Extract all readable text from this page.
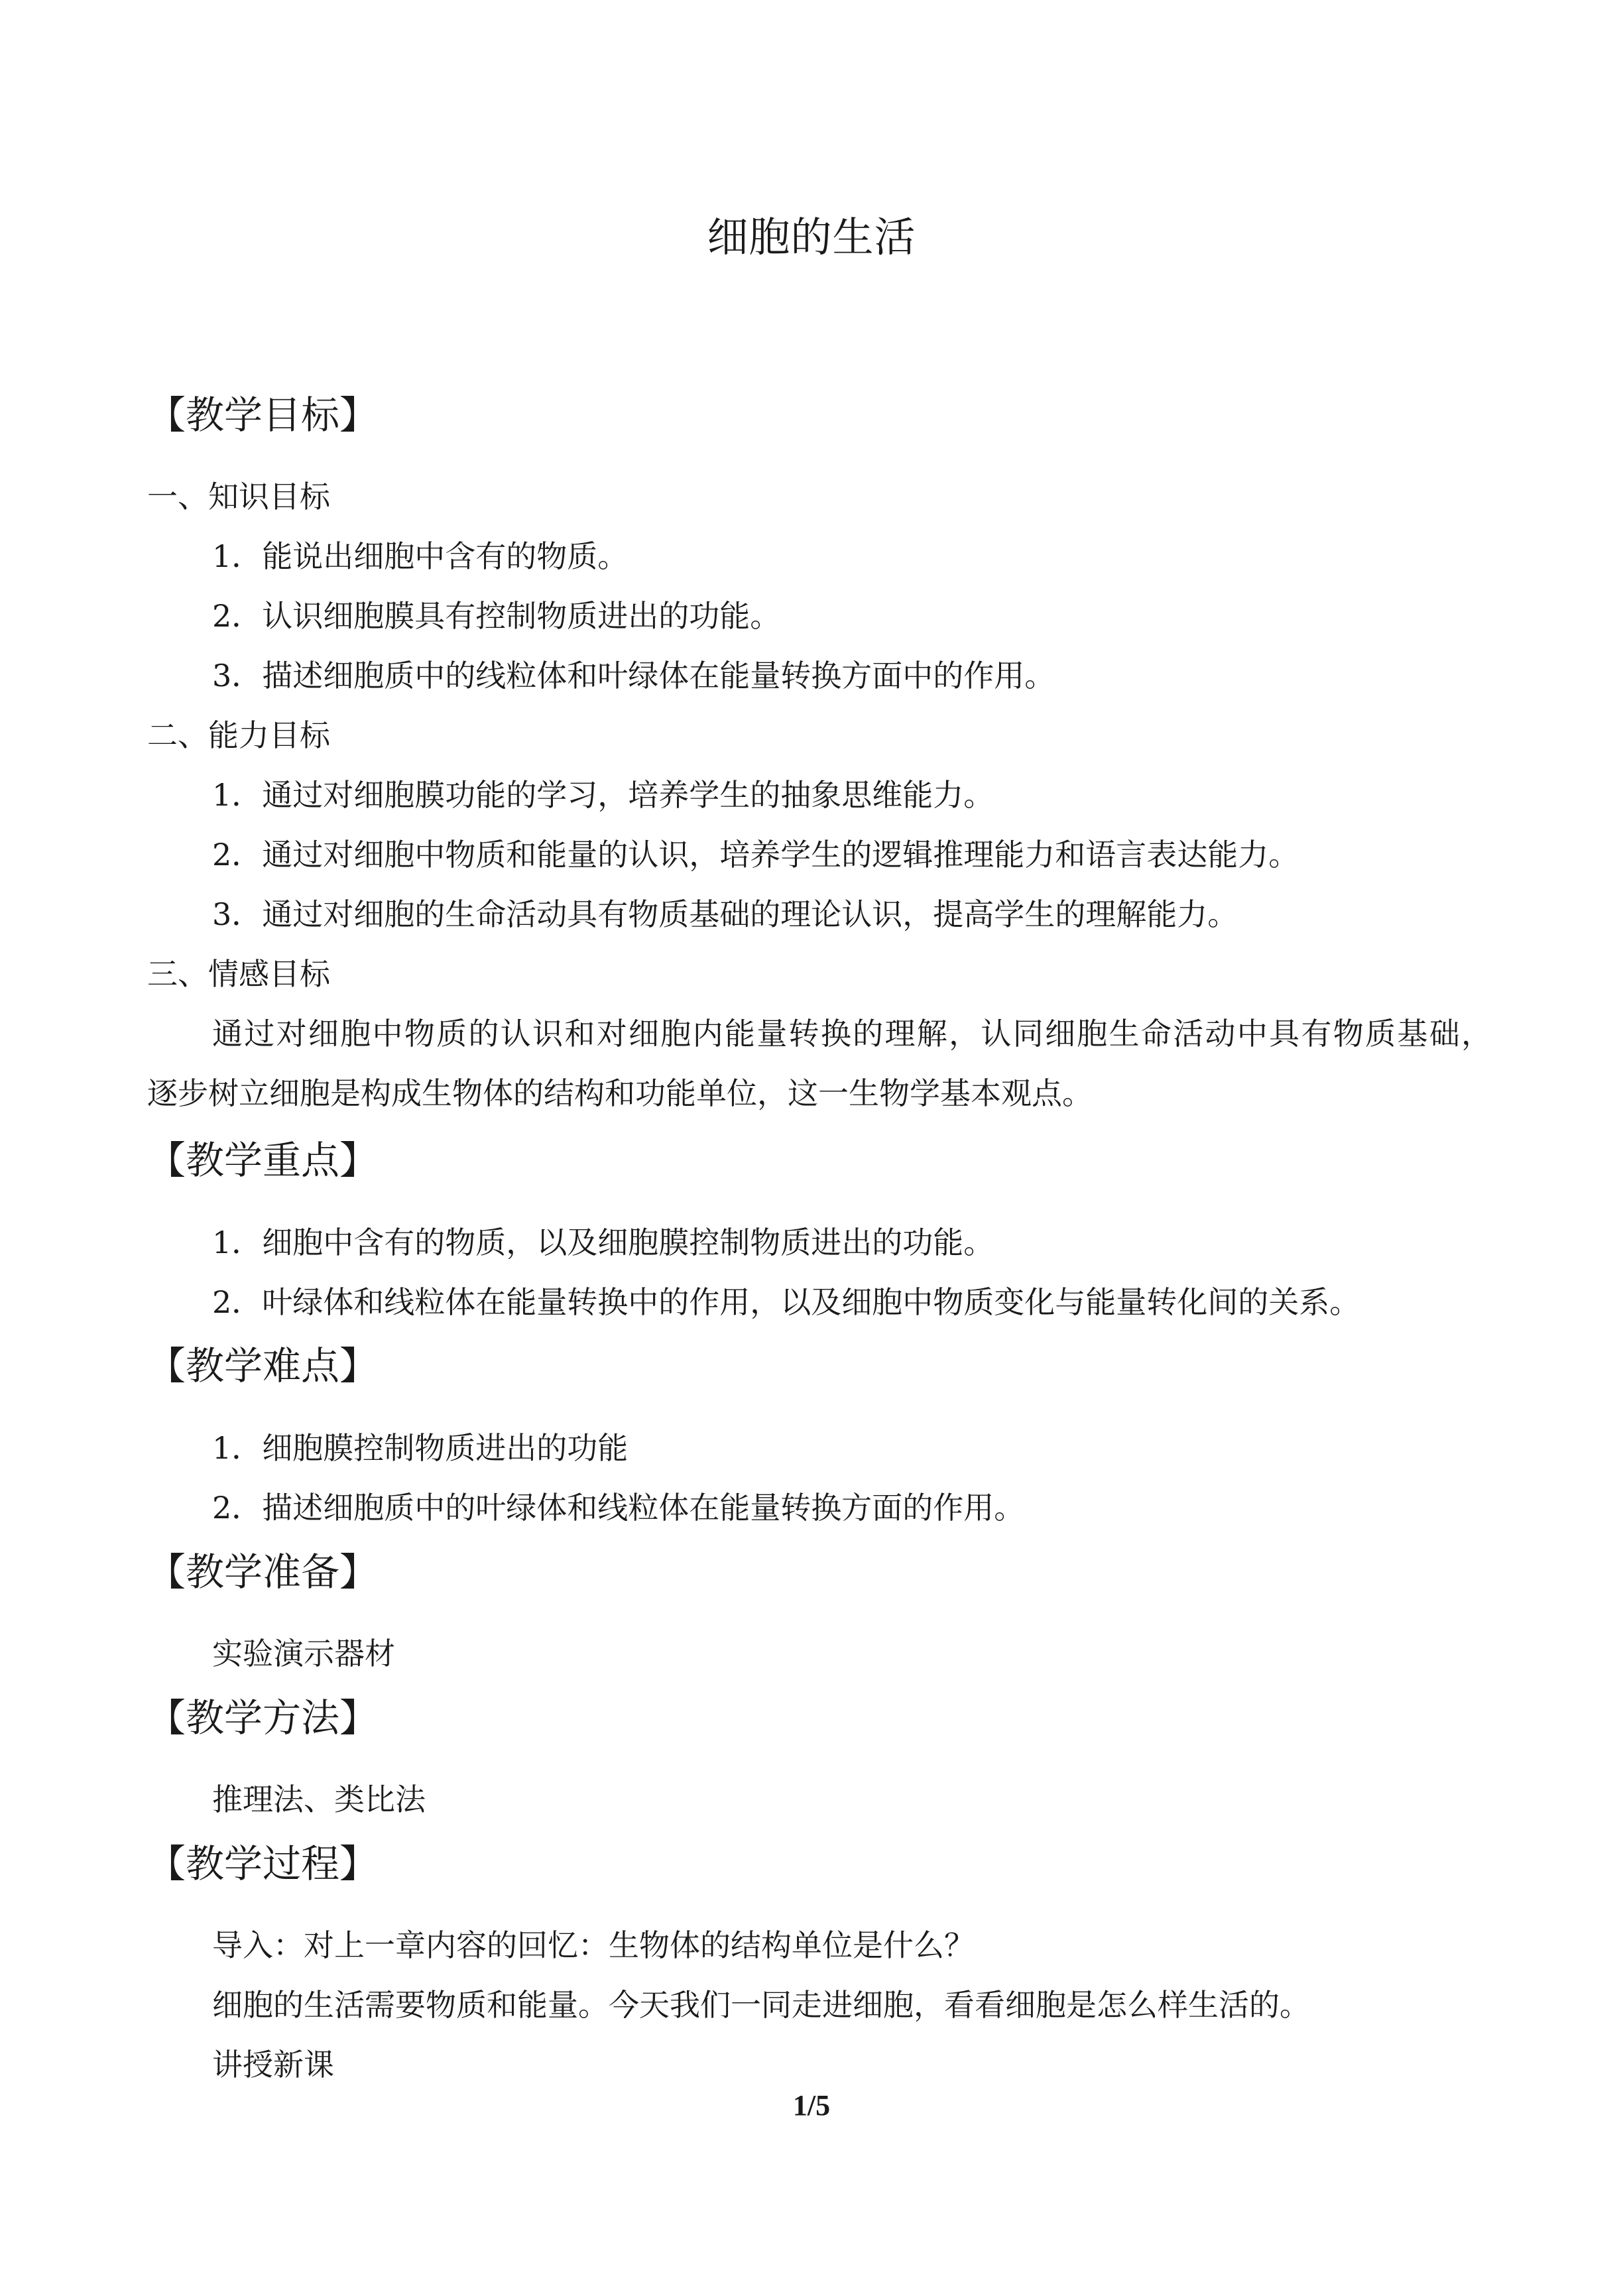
细胞的生活
【教学目标】
一、知识目标
1．能说出细胞中含有的物质。
2．认识细胞膜具有控制物质进出的功能。
3．描述细胞质中的线粒体和叶绿体在能量转换方面中的作用。
二、能力目标
1．通过对细胞膜功能的学习，培养学生的抽象思维能力。
2．通过对细胞中物质和能量的认识，培养学生的逻辑推理能力和语言表达能力。
3．通过对细胞的生命活动具有物质基础的理论认识，提高学生的理解能力。
三、情感目标
通过对细胞中物质的认识和对细胞内能量转换的理解，认同细胞生命活动中具有物质基础，
逐步树立细胞是构成生物体的结构和功能单位，这一生物学基本观点。
【教学重点】
1．细胞中含有的物质，以及细胞膜控制物质进出的功能。
2．叶绿体和线粒体在能量转换中的作用，以及细胞中物质变化与能量转化间的关系。
【教学难点】
1．细胞膜控制物质进出的功能
2．描述细胞质中的叶绿体和线粒体在能量转换方面的作用。
【教学准备】
实验演示器材
【教学方法】
推理法、类比法
【教学过程】
导入：对上一章内容的回忆：生物体的结构单位是什么？
细胞的生活需要物质和能量。今天我们一同走进细胞，看看细胞是怎么样生活的。
讲授新课
1/5
